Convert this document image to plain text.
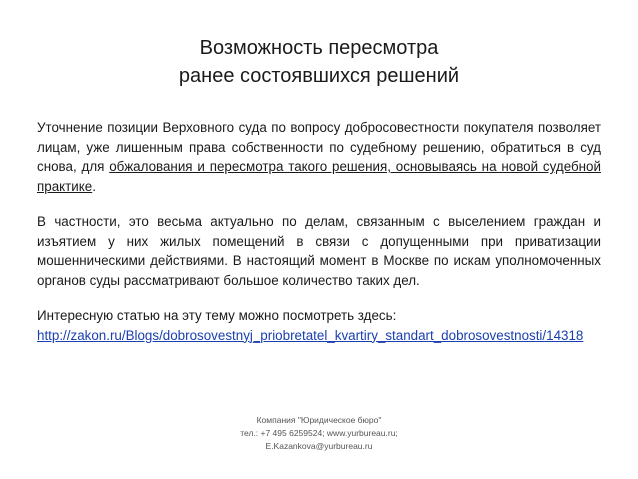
Возможность пересмотра
ранее состоявшихся решений

Уточнение позиции Верховного суда по вопросу добросовестности покупателя позволяет лицам, уже лишенным права собственности по судебному решению, обратиться в суд снова, для обжалования и пересмотра такого решения, основываясь на новой судебной практике.

В частности, это весьма актуально по делам, связанным с выселением граждан и изъятием у них жилых помещений в связи с допущенными при приватизации мошенническими действиями. В настоящий момент в Москве по искам уполномоченных органов суды рассматривают большое количество таких дел.

Интересную статью на эту тему можно посмотреть здесь:
http://zakon.ru/Blogs/dobrosovestnyj_priobretatel_kvartiry_standart_dobrosovestnosti/14318

Компания "Юридическое бюро"
тел.: +7 495 6259524; www.yurbureau.ru;
E.Kazankova@yurbureau.ru
